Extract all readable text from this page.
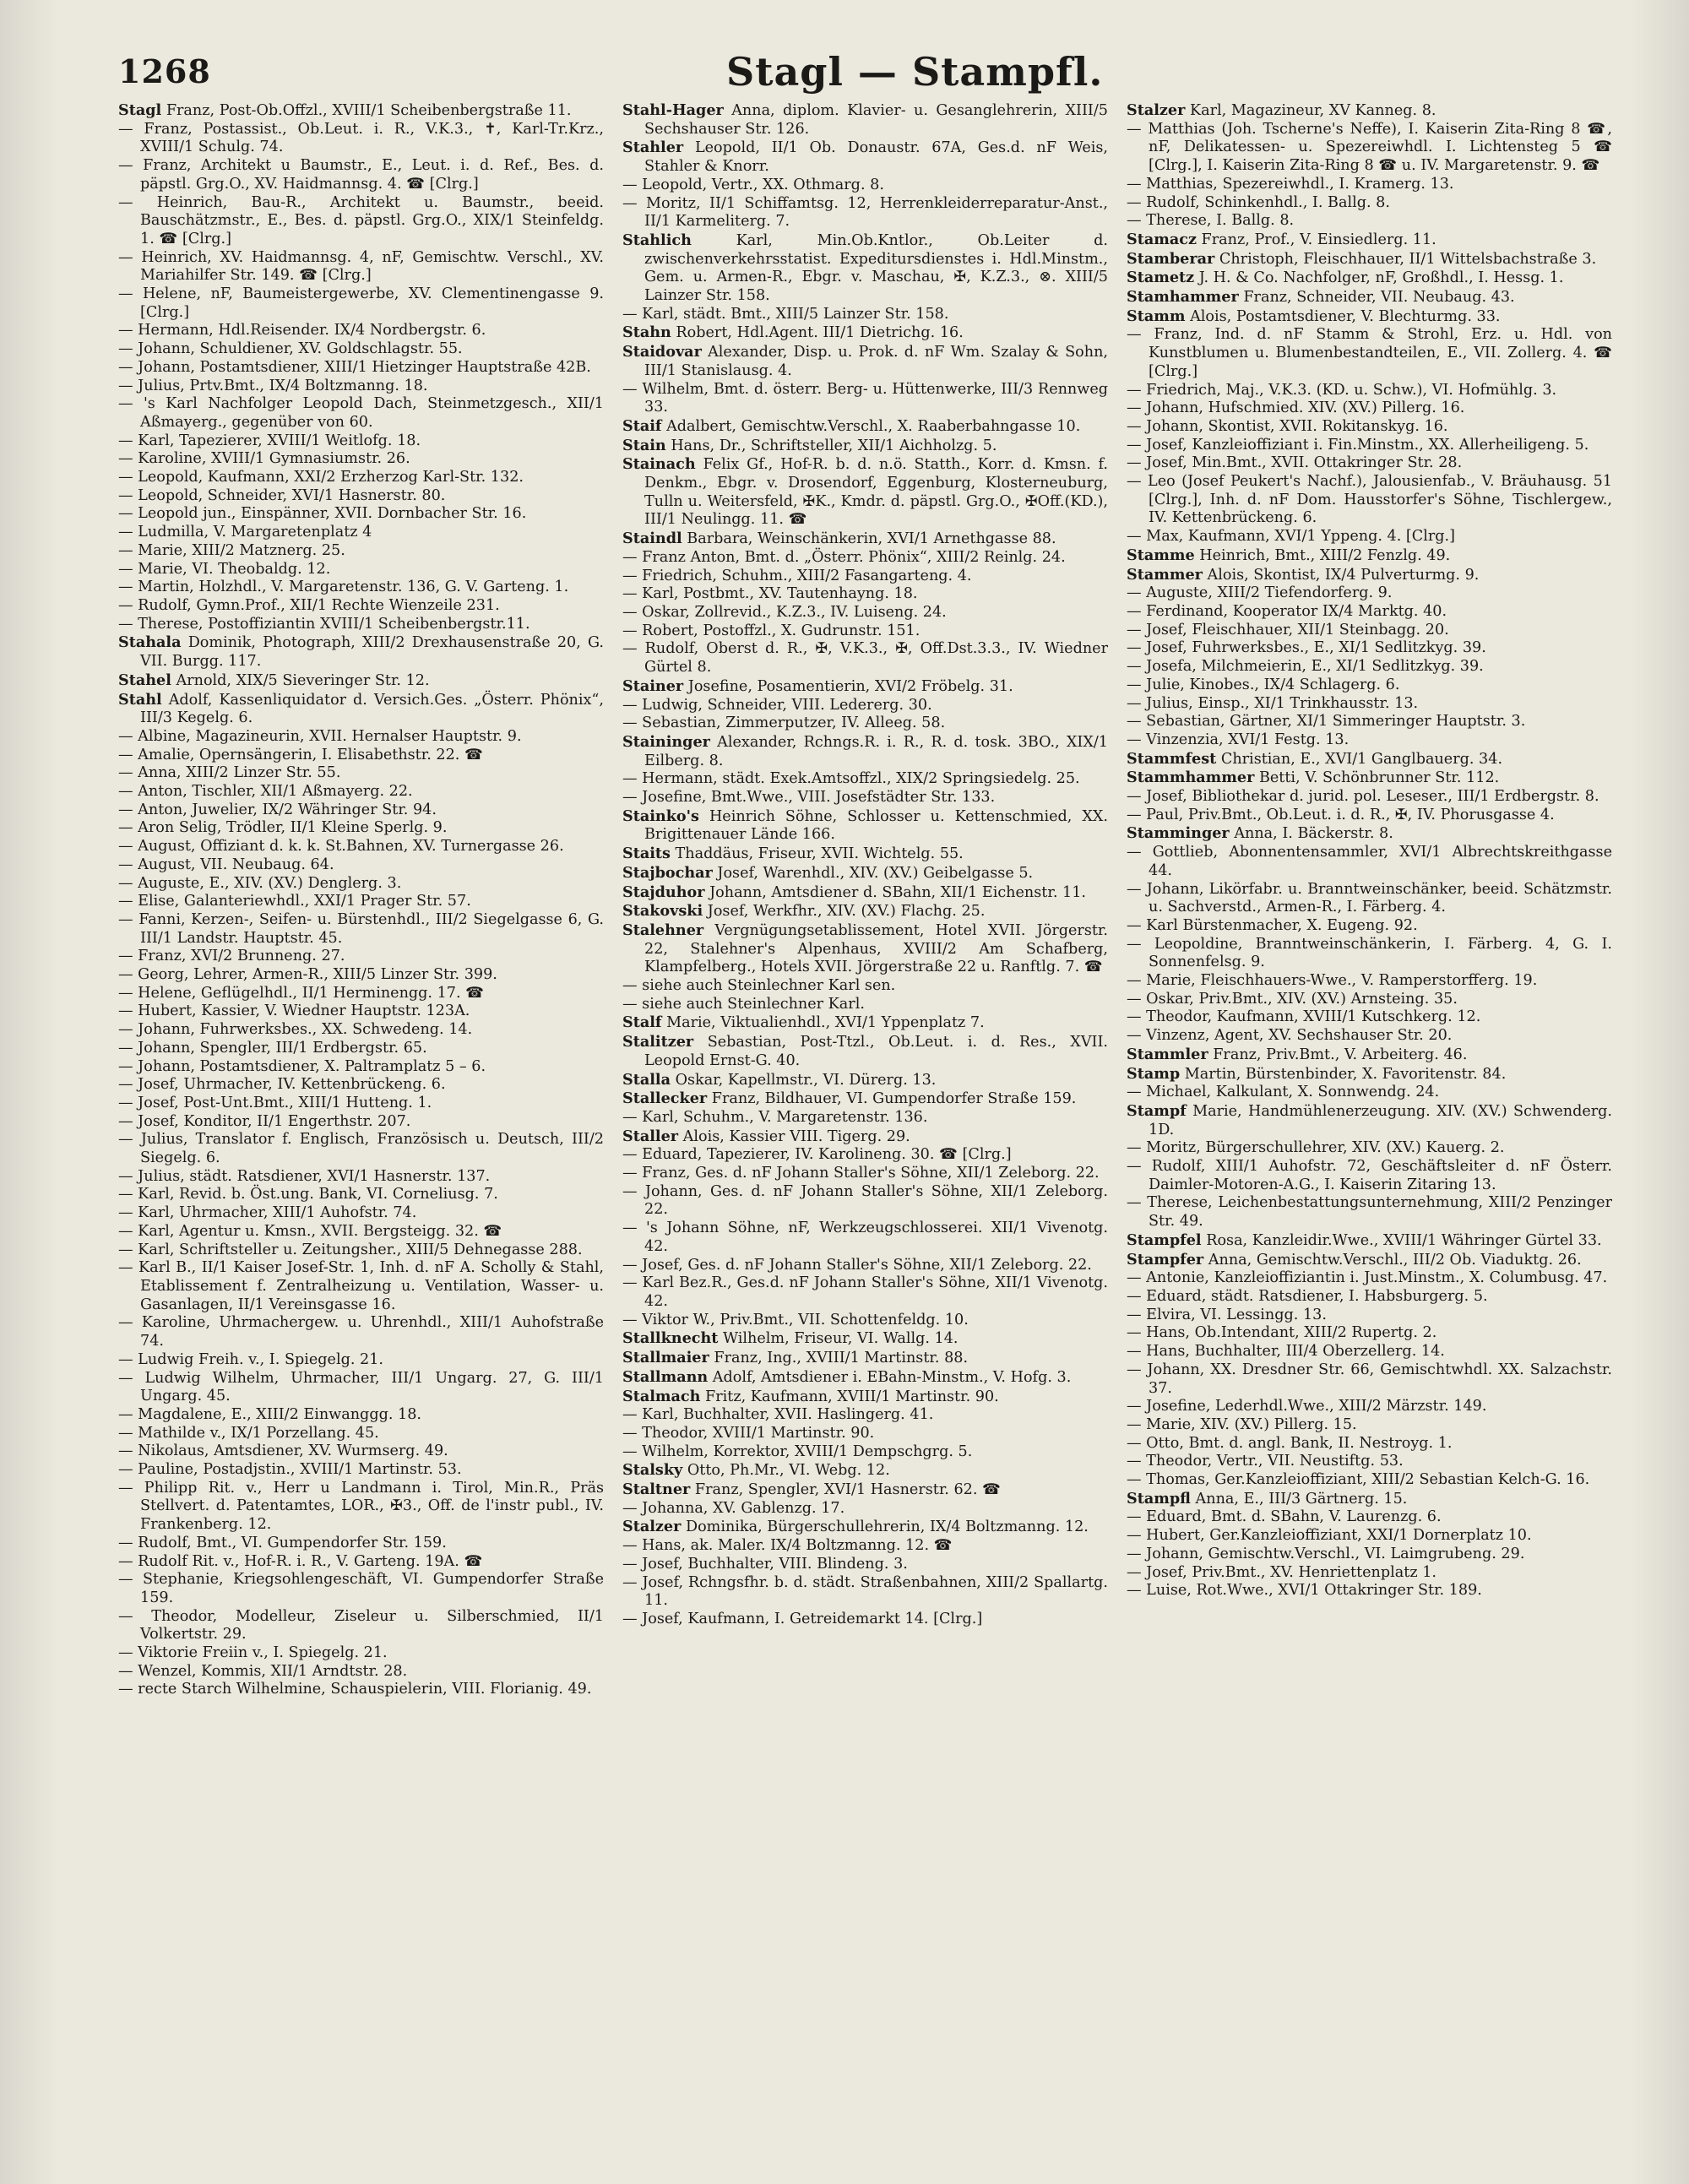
1268	Stagl — Stampfl.

Stagl Franz, Post-Ob.Offzl., XVIII/1 Scheibenbergstraße 11.

— Franz, Postassist., Ob.Leut. i. R., V.K.3., ✝, Karl-Tr.Krz., XVIII/1 Schulg. 74.

— Franz, Architekt u Baumstr., E., Leut. i. d. Ref., Bes. d. päpstl. Grg.O., XV. Haidmannsg. 4. ☎ [Clrg.]

— Heinrich, Bau-R., Architekt u. Baumstr., beeid. Bauschätzmstr., E., Bes. d. päpstl. Grg.O., XIX/1 Steinfeldg. 1. ☎ [Clrg.]

— Heinrich, XV. Haidmannsg. 4, nF, Gemischtw. Verschl., XV. Mariahilfer Str. 149. ☎ [Clrg.]

— Helene, nF, Baumeistergewerbe, XV. Clementinengasse 9. [Clrg.]

— Hermann, Hdl.Reisender. IX/4 Nordbergstr. 6.

— Johann, Schuldiener, XV. Goldschlagstr. 55.

— Johann, Postamtsdiener, XIII/1 Hietzinger Hauptstraße 42B.

— Julius, Prtv.Bmt., IX/4 Boltzmanng. 18.

— 's Karl Nachfolger Leopold Dach, Steinmetzgesch., XII/1 Aßmayerg., gegenüber von 60.

— Karl, Tapezierer, XVIII/1 Weitlofg. 18.

— Karoline, XVIII/1 Gymnasiumstr. 26.

— Leopold, Kaufmann, XXI/2 Erzherzog Karl-Str. 132.

— Leopold, Schneider, XVI/1 Hasnerstr. 80.

— Leopold jun., Einspänner, XVII. Dornbacher Str. 16.

— Ludmilla, V. Margaretenplatz 4

— Marie, XIII/2 Matznerg. 25.

— Marie, VI. Theobaldg. 12.

— Martin, Holzhdl., V. Margaretenstr. 136, G. V. Garteng. 1.

— Rudolf, Gymn.Prof., XII/1 Rechte Wienzeile 231.

— Therese, Postoffiziantin XVIII/1 Scheibenbergstr.11.

Stahala Dominik, Photograph, XIII/2 Drexhausenstraße 20, G. VII. Burgg. 117.

Stahel Arnold, XIX/5 Sieveringer Str. 12.

Stahl Adolf, Kassenliquidator d. Versich.Ges. „Österr. Phönix“, III/3 Kegelg. 6.

— Albine, Magazineurin, XVII. Hernalser Hauptstr. 9.

— Amalie, Opernsängerin, I. Elisabethstr. 22. ☎

— Anna, XIII/2 Linzer Str. 55.

— Anton, Tischler, XII/1 Aßmayerg. 22.

— Anton, Juwelier, IX/2 Währinger Str. 94.

— Aron Selig, Trödler, II/1 Kleine Sperlg. 9.

— August, Offiziant d. k. k. St.Bahnen, XV. Turnergasse 26.

— August, VII. Neubaug. 64.

— Auguste, E., XIV. (XV.) Denglerg. 3.

— Elise, Galanteriewhdl., XXI/1 Prager Str. 57.

— Fanni, Kerzen-, Seifen- u. Bürstenhdl., III/2 Siegelgasse 6, G. III/1 Landstr. Hauptstr. 45.

— Franz, XVI/2 Brunneng. 27.

— Georg, Lehrer, Armen-R., XIII/5 Linzer Str. 399.

— Helene, Geflügelhdl., II/1 Herminengg. 17. ☎

— Hubert, Kassier, V. Wiedner Hauptstr. 123A.

— Johann, Fuhrwerksbes., XX. Schwedeng. 14.

— Johann, Spengler, III/1 Erdbergstr. 65.

— Johann, Postamtsdiener, X. Paltramplatz 5 – 6.

— Josef, Uhrmacher, IV. Kettenbrückeng. 6.

— Josef, Post-Unt.Bmt., XIII/1 Hutteng. 1.

— Josef, Konditor, II/1 Engerthstr. 207.

— Julius, Translator f. Englisch, Französisch u. Deutsch, III/2 Siegelg. 6.

— Julius, städt. Ratsdiener, XVI/1 Hasnerstr. 137.

— Karl, Revid. b. Öst.ung. Bank, VI. Corneliusg. 7.

— Karl, Uhrmacher, XIII/1 Auhofstr. 74.

— Karl, Agentur u. Kmsn., XVII. Bergsteigg. 32. ☎

— Karl, Schriftsteller u. Zeitungsher., XIII/5 Dehnegasse 288.

— Karl B., II/1 Kaiser Josef-Str. 1, Inh. d. nF A. Scholly & Stahl, Etablissement f. Zentralheizung u. Ventilation, Wasser- u. Gasanlagen, II/1 Vereinsgasse 16.

— Karoline, Uhrmachergew. u. Uhrenhdl., XIII/1 Auhofstraße 74.

— Ludwig Freih. v., I. Spiegelg. 21.

— Ludwig Wilhelm, Uhrmacher, III/1 Ungarg. 27, G. III/1 Ungarg. 45.

— Magdalene, E., XIII/2 Einwanggg. 18.

— Mathilde v., IX/1 Porzellang. 45.

— Nikolaus, Amtsdiener, XV. Wurmserg. 49.

— Pauline, Postadjstin., XVIII/1 Martinstr. 53.

— Philipp Rit. v., Herr u Landmann i. Tirol, Min.R., Präs Stellvert. d. Patentamtes, LOR., ✠3., Off. de l'instr publ., IV. Frankenberg. 12.

— Rudolf, Bmt., VI. Gumpendorfer Str. 159.

— Rudolf Rit. v., Hof-R. i. R., V. Garteng. 19A. ☎

— Stephanie, Kriegsohlengeschäft, VI. Gumpendorfer Straße 159.

— Theodor, Modelleur, Ziseleur u. Silberschmied, II/1 Volkertstr. 29.

— Viktorie Freiin v., I. Spiegelg. 21.

— Wenzel, Kommis, XII/1 Arndtstr. 28.

— recte Starch Wilhelmine, Schauspielerin, VIII. Florianig. 49.

Stahl-Hager Anna, diplom. Klavier- u. Gesanglehrerin, XIII/5 Sechshauser Str. 126.

Stahler Leopold, II/1 Ob. Donaustr. 67A, Ges.d. nF Weis, Stahler & Knorr.

— Leopold, Vertr., XX. Othmarg. 8.

— Moritz, II/1 Schiffamtsg. 12, Herrenkleiderreparatur-Anst., II/1 Karmeliterg. 7.

Stahlich	Karl, Min.Ob.Kntlor., Ob.Leiter d. zwischenverkehrsstatist. Expeditursdienstes i. Hdl.Minstm., Gem. u. Armen-R., Ebgr. v. Maschau, ✠, K.Z.3., ⊗. XIII/5 Lainzer Str. 158.

— Karl, städt. Bmt., XIII/5 Lainzer Str. 158.

Stahn Robert, Hdl.Agent. III/1 Dietrichg. 16.

Staidovar Alexander, Disp. u. Prok. d. nF Wm. Szalay & Sohn, III/1 Stanislausg. 4.

— Wilhelm, Bmt. d. österr. Berg- u. Hüttenwerke, III/3 Rennweg 33.

Staif Adalbert, Gemischtw.Verschl., X. Raaberbahngasse 10.

Stain Hans, Dr., Schriftsteller, XII/1 Aichholzg. 5.

Stainach Felix Gf., Hof-R. b. d. n.ö. Statth., Korr. d. Kmsn. f. Denkm., Ebgr. v. Drosendorf, Eggenburg, Klosterneuburg, Tulln u. Weitersfeld, ✠K., Kmdr. d. päpstl. Grg.O., ✠Off.(KD.), III/1 Neulingg. 11. ☎

Staindl Barbara, Weinschänkerin, XVI/1 Arnethgasse 88.

— Franz Anton, Bmt. d. „Österr. Phönix“, XIII/2 Reinlg. 24.

— Friedrich, Schuhm., XIII/2 Fasangarteng. 4.

— Karl, Postbmt., XV. Tautenhayng. 18.

— Oskar, Zollrevid., K.Z.3., IV. Luiseng. 24.

— Robert, Postoffzl., X. Gudrunstr. 151.

— Rudolf, Oberst d. R., ✠, V.K.3., ✠, Off.Dst.3.3., IV. Wiedner Gürtel 8.

Stainer Josefine, Posamentierin, XVI/2 Fröbelg. 31.

— Ludwig, Schneider, VIII. Ledererg. 30.

— Sebastian, Zimmerputzer, IV. Alleeg. 58.

Staininger Alexander, Rchngs.R. i. R., R. d. tosk. 3BO., XIX/1 Eilberg. 8.

— Hermann, städt. Exek.Amtsoffzl., XIX/2 Springsiedelg. 25.

— Josefine, Bmt.Wwe., VIII. Josefstädter Str. 133.

Stainko's Heinrich Söhne, Schlosser u. Kettenschmied, XX. Brigittenauer Lände 166.

Staits Thaddäus, Friseur, XVII. Wichtelg. 55.

Stajbochar Josef, Warenhdl., XIV. (XV.) Geibelgasse 5.

Stajduhor Johann, Amtsdiener d. SBahn, XII/1 Eichenstr. 11.

Stakovski Josef, Werkfhr., XIV. (XV.) Flachg. 25.

Stalehner Vergnügungsetablissement, Hotel XVII. Jörgerstr. 22, Stalehner's Alpenhaus, XVIII/2 Am Schafberg, Klampfelberg., Hotels XVII. Jörgerstraße 22 u. Ranftlg. 7. ☎

— siehe auch Steinlechner Karl sen.

— siehe auch Steinlechner Karl.

Stalf Marie, Viktualienhdl., XVI/1 Yppenplatz 7.

Stalitzer Sebastian, Post-Ttzl., Ob.Leut. i. d. Res., XVII. Leopold Ernst-G. 40.

Stalla Oskar, Kapellmstr., VI. Dürerg. 13.

Stallecker Franz, Bildhauer, VI. Gumpendorfer Straße 159.

— Karl, Schuhm., V. Margaretenstr. 136.

Staller Alois, Kassier VIII. Tigerg. 29.

— Eduard, Tapezierer, IV. Karolineng. 30. ☎ [Clrg.]

— Franz, Ges. d. nF Johann Staller's Söhne, XII/1 Zeleborg. 22.

— Johann, Ges. d. nF Johann Staller's Söhne, XII/1 Zeleborg. 22.

— 's Johann Söhne, nF, Werkzeugschlosserei. XII/1 Vivenotg. 42.

— Josef, Ges. d. nF Johann Staller's Söhne, XII/1 Zeleborg. 22.

— Karl Bez.R., Ges.d. nF Johann Staller's Söhne, XII/1 Vivenotg. 42.

— Viktor W., Priv.Bmt., VII. Schottenfeldg. 10.

Stallknecht Wilhelm, Friseur, VI. Wallg. 14.

Stallmaier Franz, Ing., XVIII/1 Martinstr. 88.

Stallmann Adolf, Amtsdiener i. EBahn-Minstm., V. Hofg. 3.

Stalmach Fritz, Kaufmann, XVIII/1 Martinstr. 90.

— Karl, Buchhalter, XVII. Haslingerg. 41.

— Theodor, XVIII/1 Martinstr. 90.

— Wilhelm, Korrektor, XVIII/1 Dempschgrg. 5.

Stalsky Otto, Ph.Mr., VI. Webg. 12.

Staltner Franz, Spengler, XVI/1 Hasnerstr. 62. ☎

— Johanna, XV. Gablenzg. 17.

Stalzer Dominika, Bürgerschullehrerin, IX/4 Boltzmanng. 12.

— Hans, ak. Maler. IX/4 Boltzmanng. 12. ☎

— Josef, Buchhalter, VIII. Blindeng. 3.

— Josef, Rchngsfhr. b. d. städt. Straßenbahnen, XIII/2 Spallartg. 11.

— Josef, Kaufmann, I. Getreidemarkt 14. [Clrg.]

Stalzer Karl, Magazineur, XV Kanneg. 8.

— Matthias (Joh. Tscherne's Neffe), I. Kaiserin Zita-Ring 8 ☎, nF, Delikatessen- u. Spezereiwhdl. I. Lichtensteg 5 ☎ [Clrg.], I. Kaiserin Zita-Ring 8 ☎ u. IV. Margaretenstr. 9. ☎

— Matthias, Spezereiwhdl., I. Kramerg. 13.

— Rudolf, Schinkenhdl., I. Ballg. 8.

— Therese, I. Ballg. 8.

Stamacz Franz, Prof., V. Einsiedlerg. 11.

Stamberar Christoph, Fleischhauer, II/1 Wittelsbachstraße 3.

Stametz J. H. & Co. Nachfolger, nF, Großhdl., I. Hessg. 1.

Stamhammer Franz, Schneider, VII. Neubaug. 43.

Stamm Alois, Postamtsdiener, V. Blechturmg. 33.

— Franz, Ind. d. nF Stamm & Strohl, Erz. u. Hdl. von Kunstblumen u. Blumenbestandteilen, E., VII. Zollerg. 4. ☎ [Clrg.]

— Friedrich, Maj., V.K.3. (KD. u. Schw.), VI. Hofmühlg. 3.

— Johann, Hufschmied. XIV. (XV.) Pillerg. 16.

— Johann, Skontist, XVII. Rokitanskyg. 16.

— Josef, Kanzleioffiziant i. Fin.Minstm., XX. Allerheiligeng. 5.

— Josef, Min.Bmt., XVII. Ottakringer Str. 28.

— Leo (Josef Peukert's Nachf.), Jalousienfab., V. Bräuhausg. 51 [Clrg.], Inh. d. nF Dom. Hausstorfer's Söhne, Tischlergew., IV. Kettenbrückeng. 6.

— Max, Kaufmann, XVI/1 Yppeng. 4. [Clrg.]

Stamme Heinrich, Bmt., XIII/2 Fenzlg. 49.

Stammer Alois, Skontist, IX/4 Pulverturmg. 9.

— Auguste, XIII/2 Tiefendorferg. 9.

— Ferdinand, Kooperator IX/4 Marktg. 40.

— Josef, Fleischhauer, XII/1 Steinbagg. 20.

— Josef, Fuhrwerksbes., E., XI/1 Sedlitzkyg. 39.

— Josefa, Milchmeierin, E., XI/1 Sedlitzkyg. 39.

— Julie, Kinobes., IX/4 Schlagerg. 6.

— Julius, Einsp., XI/1 Trinkhausstr. 13.

— Sebastian, Gärtner, XI/1 Simmeringer Hauptstr. 3.

— Vinzenzia, XVI/1 Festg. 13.

Stammfest Christian, E., XVI/1 Ganglbauerg. 34.

Stammhammer Betti, V. Schönbrunner Str. 112.

— Josef, Bibliothekar d. jurid. pol. Leseser., III/1 Erdbergstr. 8.

— Paul, Priv.Bmt., Ob.Leut. i. d. R., ✠, IV. Phorusgasse 4.

Stamminger Anna, I. Bäckerstr. 8.

— Gottlieb, Abonnentensammler, XVI/1 Albrechtskreithgasse 44.

— Johann, Likörfabr. u. Branntweinschänker, beeid. Schätzmstr. u. Sachverstd., Armen-R., I. Färberg. 4.

— Karl Bürstenmacher, X. Eugeng. 92.

— Leopoldine, Branntweinschänkerin, I. Färberg. 4, G. I. Sonnenfelsg. 9.

— Marie, Fleischhauers-Wwe., V. Ramperstorfferg. 19.

— Oskar, Priv.Bmt., XIV. (XV.) Arnsteing. 35.

— Theodor, Kaufmann, XVIII/1 Kutschkerg. 12.

— Vinzenz, Agent, XV. Sechshauser Str. 20.

Stammler Franz, Priv.Bmt., V. Arbeiterg. 46.

Stamp Martin, Bürstenbinder, X. Favoritenstr. 84.

— Michael, Kalkulant, X. Sonnwendg. 24.

Stampf Marie, Handmühlenerzeugung. XIV. (XV.) Schwenderg. 1D.

— Moritz, Bürgerschullehrer, XIV. (XV.) Kauerg. 2.

— Rudolf, XIII/1 Auhofstr. 72, Geschäftsleiter d. nF Österr. Daimler-Motoren-A.G., I. Kaiserin Zitaring 13.

— Therese, Leichenbestattungsunternehmung, XIII/2 Penzinger Str. 49.

Stampfel Rosa, Kanzleidir.Wwe., XVIII/1 Währinger Gürtel 33.

Stampfer Anna, Gemischtw.Verschl., III/2 Ob. Viaduktg. 26.

— Antonie, Kanzleioffiziantin i. Just.Minstm., X. Columbusg. 47.

— Eduard, städt. Ratsdiener, I. Habsburgerg. 5.

— Elvira, VI. Lessingg. 13.

— Hans, Ob.Intendant, XIII/2 Rupertg. 2.

— Hans, Buchhalter, III/4 Oberzellerg. 14.

— Johann, XX. Dresdner Str. 66, Gemischtwhdl. XX. Salzachstr. 37.

— Josefine, Lederhdl.Wwe., XIII/2 Märzstr. 149.

— Marie, XIV. (XV.) Pillerg. 15.

— Otto, Bmt. d. angl. Bank, II. Nestroyg. 1.

— Theodor, Vertr., VII. Neustiftg. 53.

— Thomas, Ger.Kanzleioffiziant, XIII/2 Sebastian Kelch-G. 16.

Stampfl Anna, E., III/3 Gärtnerg. 15.

— Eduard, Bmt. d. SBahn, V. Laurenzg. 6.

— Hubert, Ger.Kanzleioffiziant, XXI/1 Dornerplatz 10.

— Johann, Gemischtw.Verschl., VI. Laimgrubeng. 29.

— Josef, Priv.Bmt., XV. Henriettenplatz 1.

— Luise, Rot.Wwe., XVI/1 Ottakringer Str. 189.
